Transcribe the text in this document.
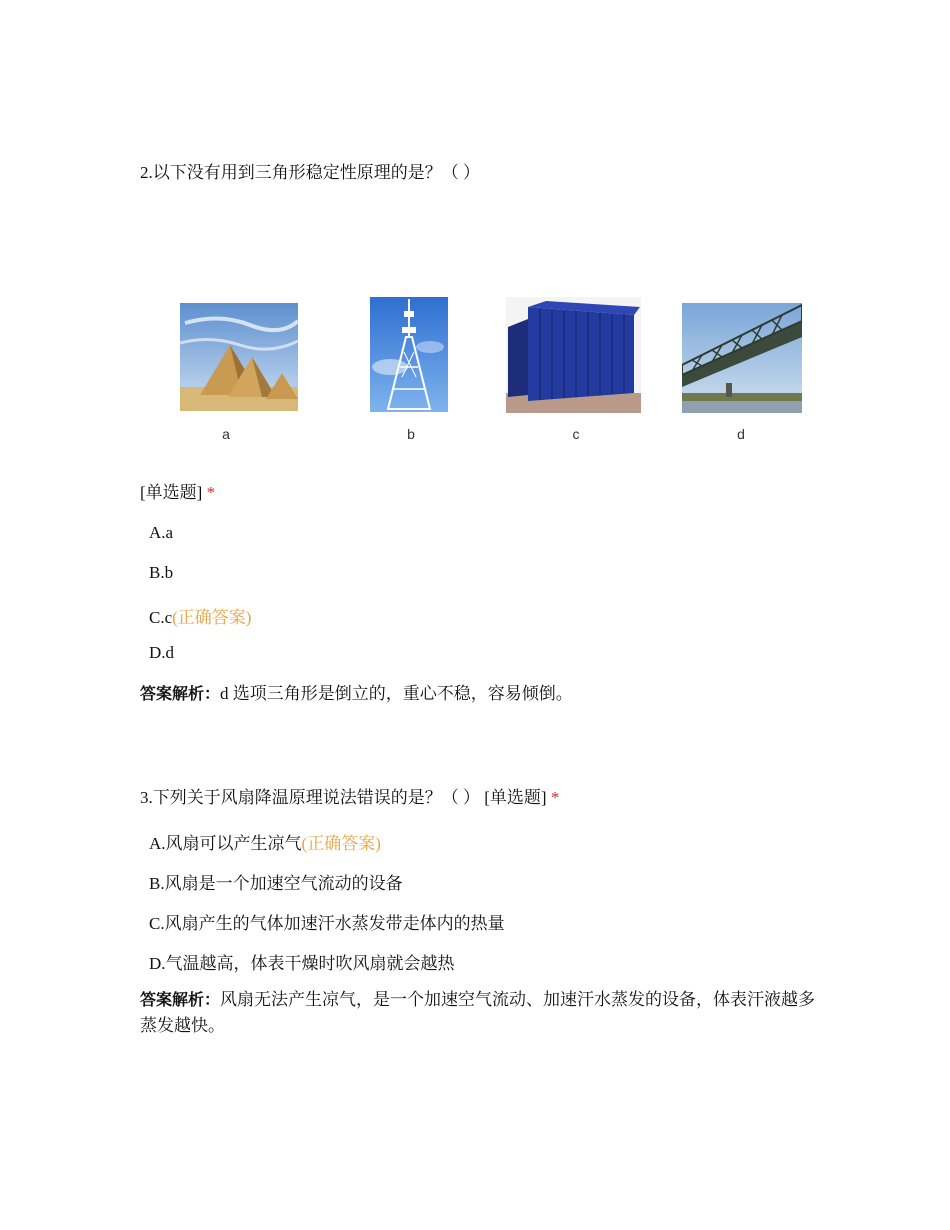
2.以下没有用到三角形稳定性原理的是？（ ）
a	b	c	d
[单选题] *
A.a
B.b
C.c(正确答案)
D.d
答案解析：d 选项三角形是倒立的，重心不稳，容易倾倒。
3.下列关于风扇降温原理说法错误的是？（ ） [单选题] *
A.风扇可以产生凉气(正确答案)
B.风扇是一个加速空气流动的设备
C.风扇产生的气体加速汗水蒸发带走体内的热量
D.气温越高，体表干燥时吹风扇就会越热
答案解析：风扇无法产生凉气，是一个加速空气流动、加速汗水蒸发的设备，体表汗液越多蒸发越快。
